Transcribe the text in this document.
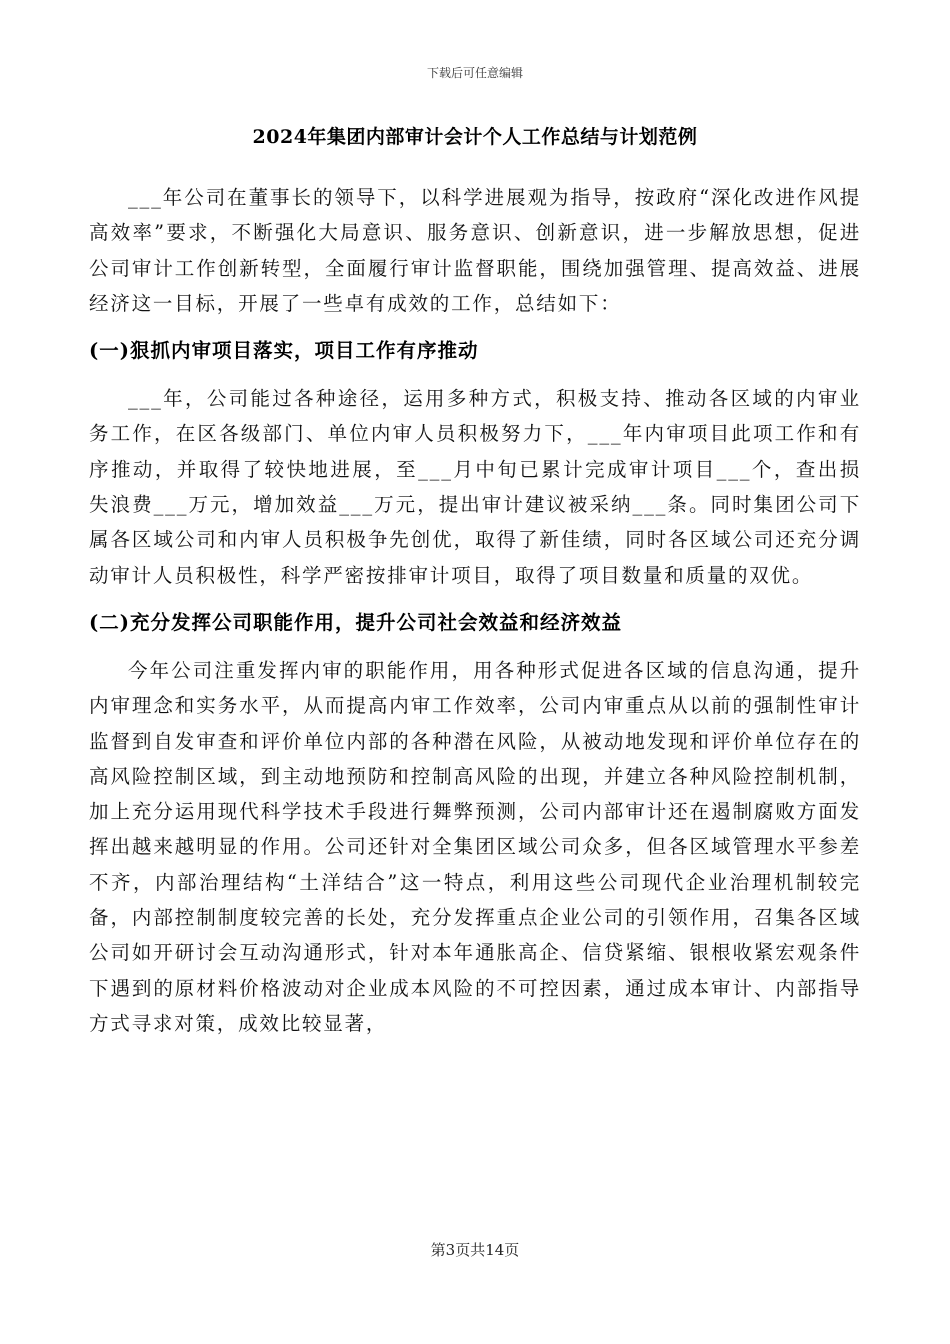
下载后可任意编辑
2024年集团内部审计会计个人工作总结与计划范例

___年公司在董事长的领导下，以科学进展观为指导，按政府“深化改进作风提高效率”要求，不断强化大局意识、服务意识、创新意识，进一步解放思想，促进公司审计工作创新转型，全面履行审计监督职能，围绕加强管理、提高效益、进展经济这一目标，开展了一些卓有成效的工作，总结如下：

(一)狠抓内审项目落实，项目工作有序推动

___年，公司能过各种途径，运用多种方式，积极支持、推动各区域的内审业务工作，在区各级部门、单位内审人员积极努力下，___年内审项目此项工作和有序推动，并取得了较快地进展，至___月中旬已累计完成审计项目___个，查出损失浪费___万元，增加效益___万元，提出审计建议被采纳___条。同时集团公司下属各区域公司和内审人员积极争先创优，取得了新佳绩，同时各区域公司还充分调动审计人员积极性，科学严密按排审计项目，取得了项目数量和质量的双优。

(二)充分发挥公司职能作用，提升公司社会效益和经济效益

今年公司注重发挥内审的职能作用，用各种形式促进各区域的信息沟通，提升内审理念和实务水平，从而提高内审工作效率，公司内审重点从以前的强制性审计监督到自发审查和评价单位内部的各种潜在风险，从被动地发现和评价单位存在的高风险控制区域，到主动地预防和控制高风险的出现，并建立各种风险控制机制，加上充分运用现代科学技术手段进行舞弊预测，公司内部审计还在遏制腐败方面发挥出越来越明显的作用。公司还针对全集团区域公司众多，但各区域管理水平参差不齐，内部治理结构“土洋结合”这一特点，利用这些公司现代企业治理机制较完备，内部控制制度较完善的长处，充分发挥重点企业公司的引领作用，召集各区域公司如开研讨会互动沟通形式，针对本年通胀高企、信贷紧缩、银根收紧宏观条件下遇到的原材料价格波动对企业成本风险的不可控因素，通过成本审计、内部指导方式寻求对策，成效比较显著，

第3页共14页
